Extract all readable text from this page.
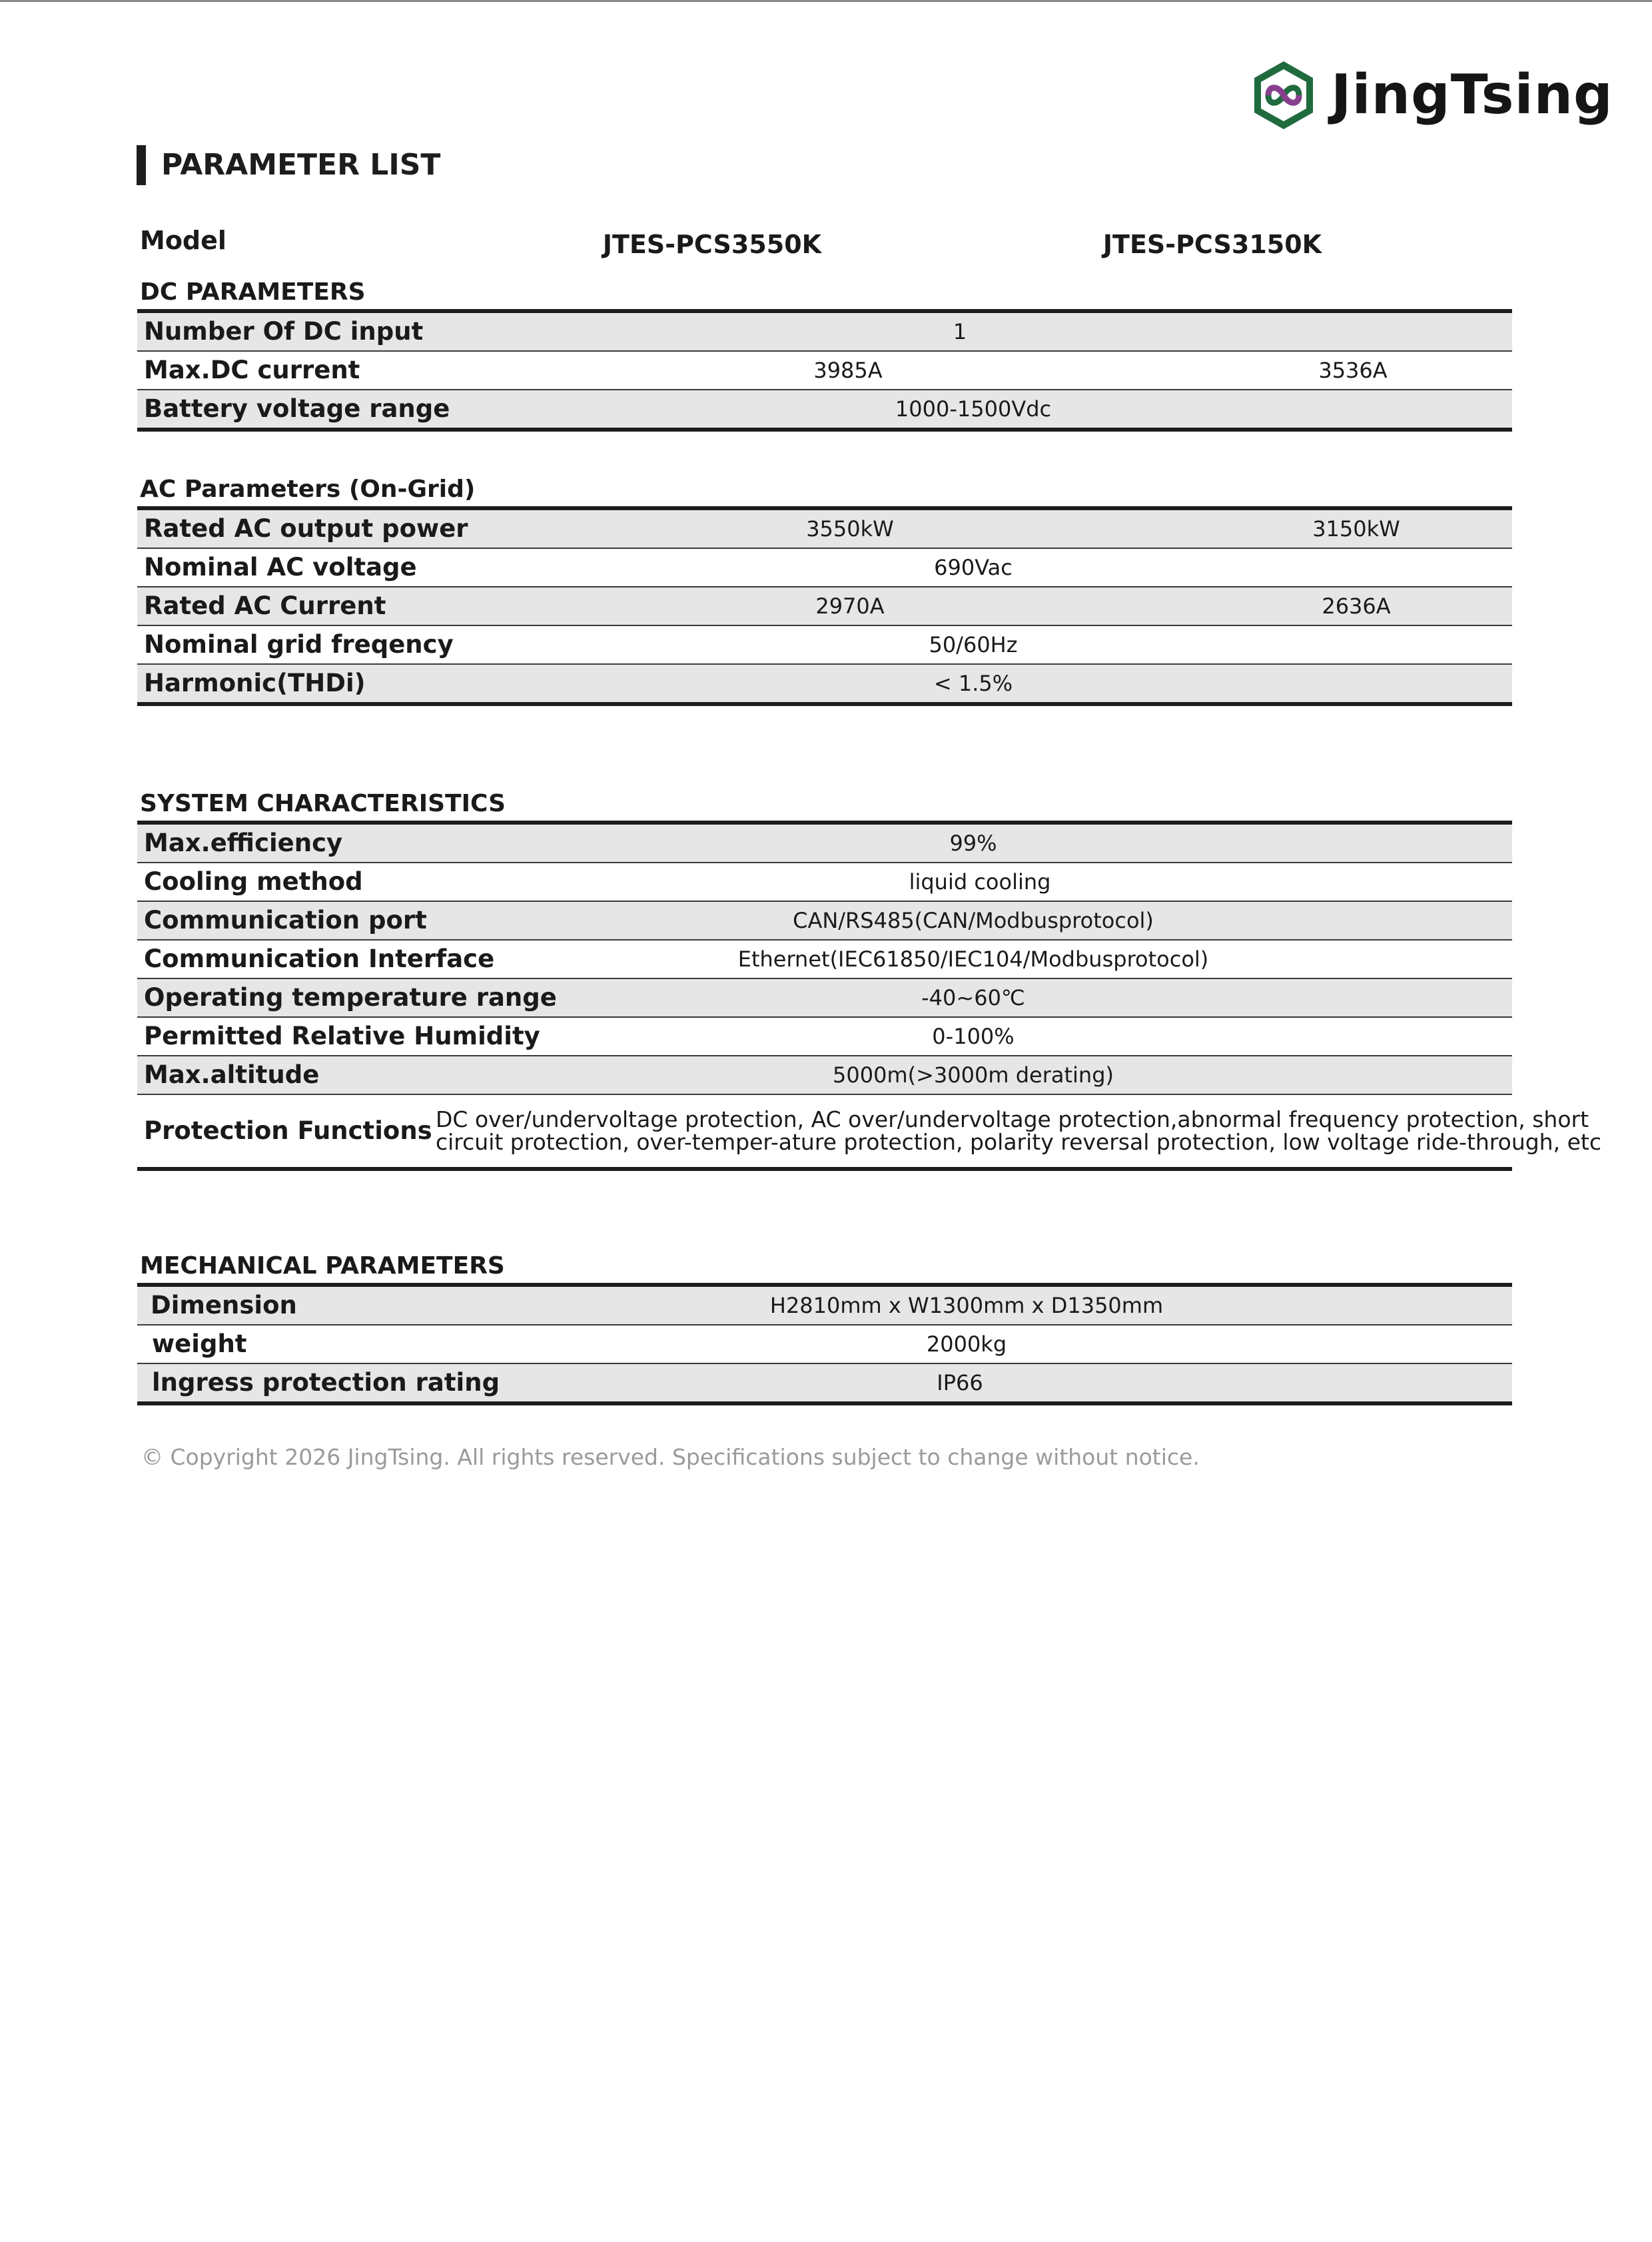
JingTsing
PARAMETER LIST
Model	JTES-PCS3550K	JTES-PCS3150K
DC PARAMETERS
Number Of DC input	1
Max.DC current	3985A	3536A
Battery voltage range	1000-1500Vdc
AC Parameters (On-Grid)
Rated AC output power	3550kW	3150kW
Nominal AC voltage	690Vac
Rated AC Current	2970A	2636A
Nominal grid freqency	50/60Hz
Harmonic(THDi)	< 1.5%
SYSTEM CHARACTERISTICS
Max.efficiency	99%
Cooling method	liquid cooling
Communication port	CAN/RS485(CAN/Modbusprotocol)
Communication Interface	Ethernet(IEC61850/IEC104/Modbusprotocol)
Operating temperature range	-40~60℃
Permitted Relative Humidity	0-100%
Max.altitude	5000m(>3000m derating)
Protection Functions DC over/undervoltage protection, AC over/undervoltage protection,abnormal frequency protection, short
circuit protection, over-temper-ature protection, polarity reversal protection, low voltage ride-through, etc
MECHANICAL PARAMETERS
Dimension	H2810mm x W1300mm x D1350mm
weight	2000kg
lngress protection rating	IP66
© Copyright 2026 JingTsing. All rights reserved. Specifications subject to change without notice.
